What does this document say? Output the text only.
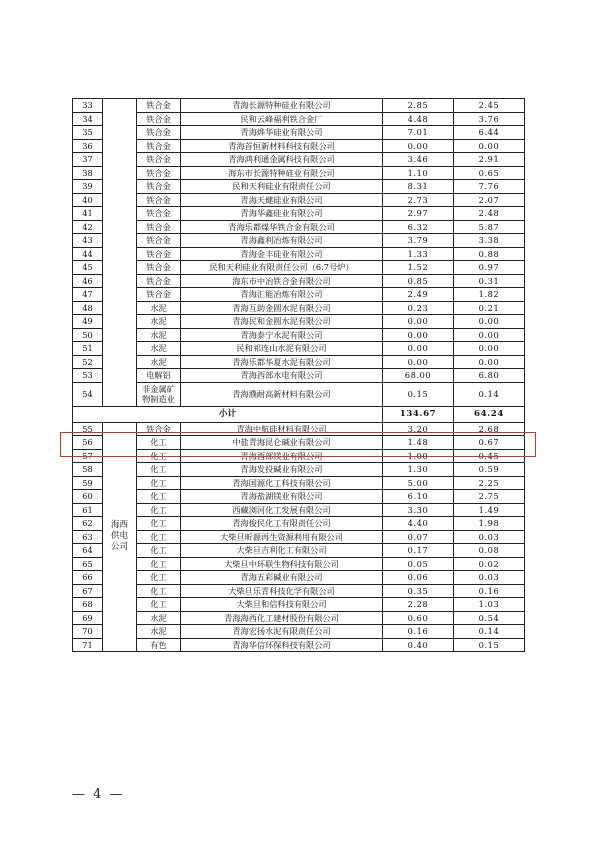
33		铁合金	青海长源特种硅业有限公司	2.85	2.45
34		铁合金	民和云峰福利铁合金厂	4.48	3.76
35		铁合金	青海烨华硅业有限公司	7.01	6.44
36		铁合金	青海首恒新材料科技有限公司	0.00	0.00
37		铁合金	青海鸿利通金属科技有限公司	3.46	2.91
38		铁合金	海东市长源特种硅业有限公司	1.10	0.65
39		铁合金	民和天利硅业有限责任公司	8.31	7.76
40		铁合金	青海天健硅业有限公司	2.73	2.07
41		铁合金	青海华鑫硅业有限公司	2.97	2.48
42		铁合金	青海乐都煤华铁合金有限公司	6.32	5.87
43		铁合金	青海鑫利冶炼有限公司	3.79	3.38
44		铁合金	青海金丰硅业有限公司	1.33	0.88
45		铁合金	民和天利硅业有限责任公司（6.7号炉）	1.52	0.97
46		铁合金	海东市中冶铁合金有限公司	0.85	0.31
47		铁合金	青海汇能冶炼有限公司	2.49	1.82
48		水泥	青海互助金圆水泥有限公司	0.23	0.21
49		水泥	青海民和金圆水泥有限公司	0.00	0.00
50		水泥	青海泰宁水泥有限公司	0.00	0.00
51		水泥	民和祁连山水泥有限公司	0.00	0.00
52		水泥	青海乐都华夏水泥有限公司	0.00	0.00
53		电解铝	青海西部水电有限公司	68.00	6.80
54		非金属矿物制造业	青海濮耐高新材料有限公司	0.15	0.14
小计				134.67	64.24
55	海西供电公司	铁合金	青海中航硅材料有限公司	3.20	2.68
56		化工	中盐青海昆仑碱业有限公司	1.48	0.67
57		化工	青海西部镁业有限公司	1.00	0.45
58		化工	青海发投碱业有限公司	1.30	0.59
59		化工	青海国源化工科技有限公司	5.00	2.25
60		化工	青海盐湖镁业有限公司	6.10	2.75
61		化工	西藏浏河化工发展有限公司	3.30	1.49
62		化工	青海俊民化工有限责任公司	4.40	1.98
63		化工	大柴旦昕源再生资源利用有限公司	0.07	0.03
64		化工	大柴旦吉利化工有限公司	0.17	0.08
65		化工	大柴旦中环联生物科技有限公司	0.05	0.02
66		化工	青海五彩碱业有限公司	0.06	0.03
67		化工	大柴旦乐青科技化学有限公司	0.35	0.16
68		化工	大柴旦和信科技有限公司	2.28	1.03
69		水泥	青海海西化工建材股份有限公司	0.60	0.54
70		水泥	青海宏扬水泥有限责任公司	0.16	0.14
71		有色	青海华信环保科技有限公司	0.40	0.15
— 4 —
